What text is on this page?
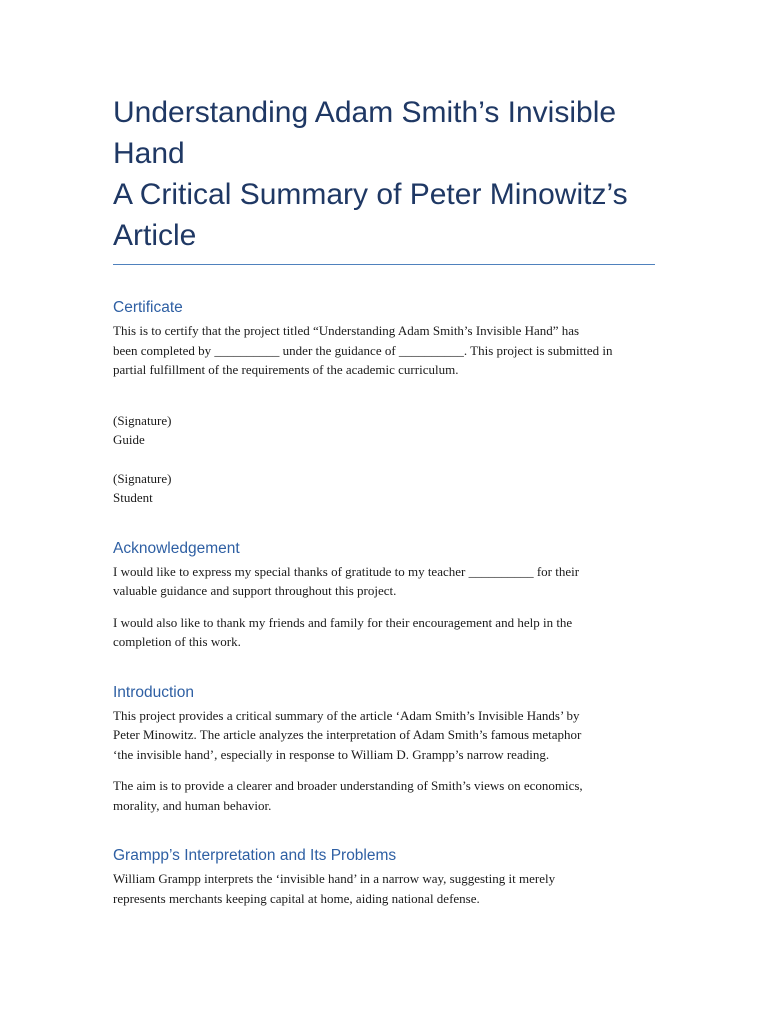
Understanding Adam Smith’s Invisible
Hand
A Critical Summary of Peter Minowitz’s
Article
Certificate

This is to certify that the project titled “Understanding Adam Smith’s Invisible Hand” has
been completed by __________ under the guidance of __________. This project is submitted in
partial fulfillment of the requirements of the academic curriculum.

(Signature)
Guide

(Signature)
Student

Acknowledgement

I would like to express my special thanks of gratitude to my teacher __________ for their
valuable guidance and support throughout this project.

I would also like to thank my friends and family for their encouragement and help in the
completion of this work.

Introduction

This project provides a critical summary of the article ‘Adam Smith’s Invisible Hands’ by
Peter Minowitz. The article analyzes the interpretation of Adam Smith’s famous metaphor
‘the invisible hand’, especially in response to William D. Grampp’s narrow reading.

The aim is to provide a clearer and broader understanding of Smith’s views on economics,
morality, and human behavior.

Grampp’s Interpretation and Its Problems

William Grampp interprets the ‘invisible hand’ in a narrow way, suggesting it merely
represents merchants keeping capital at home, aiding national defense.
